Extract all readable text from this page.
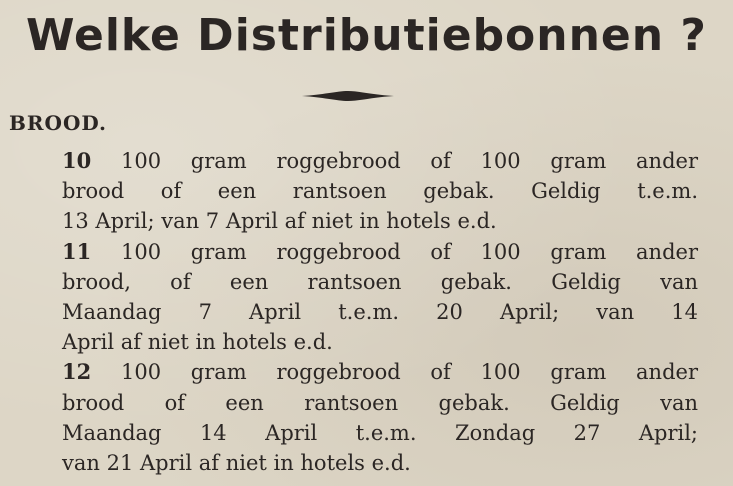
Welke Distributiebonnen ?
BROOD.
10 100 gram roggebrood of 100 gram ander
brood of een rantsoen gebak. Geldig t.e.m.
13 April; van 7 April af niet in hotels e.d.
11 100 gram roggebrood of 100 gram ander
brood, of een rantsoen gebak. Geldig van
Maandag 7 April t.e.m. 20 April; van 14
April af niet in hotels e.d.
12 100 gram roggebrood of 100 gram ander
brood of een rantsoen gebak. Geldig van
Maandag 14 April t.e.m. Zondag 27 April;
van 21 April af niet in hotels e.d.
